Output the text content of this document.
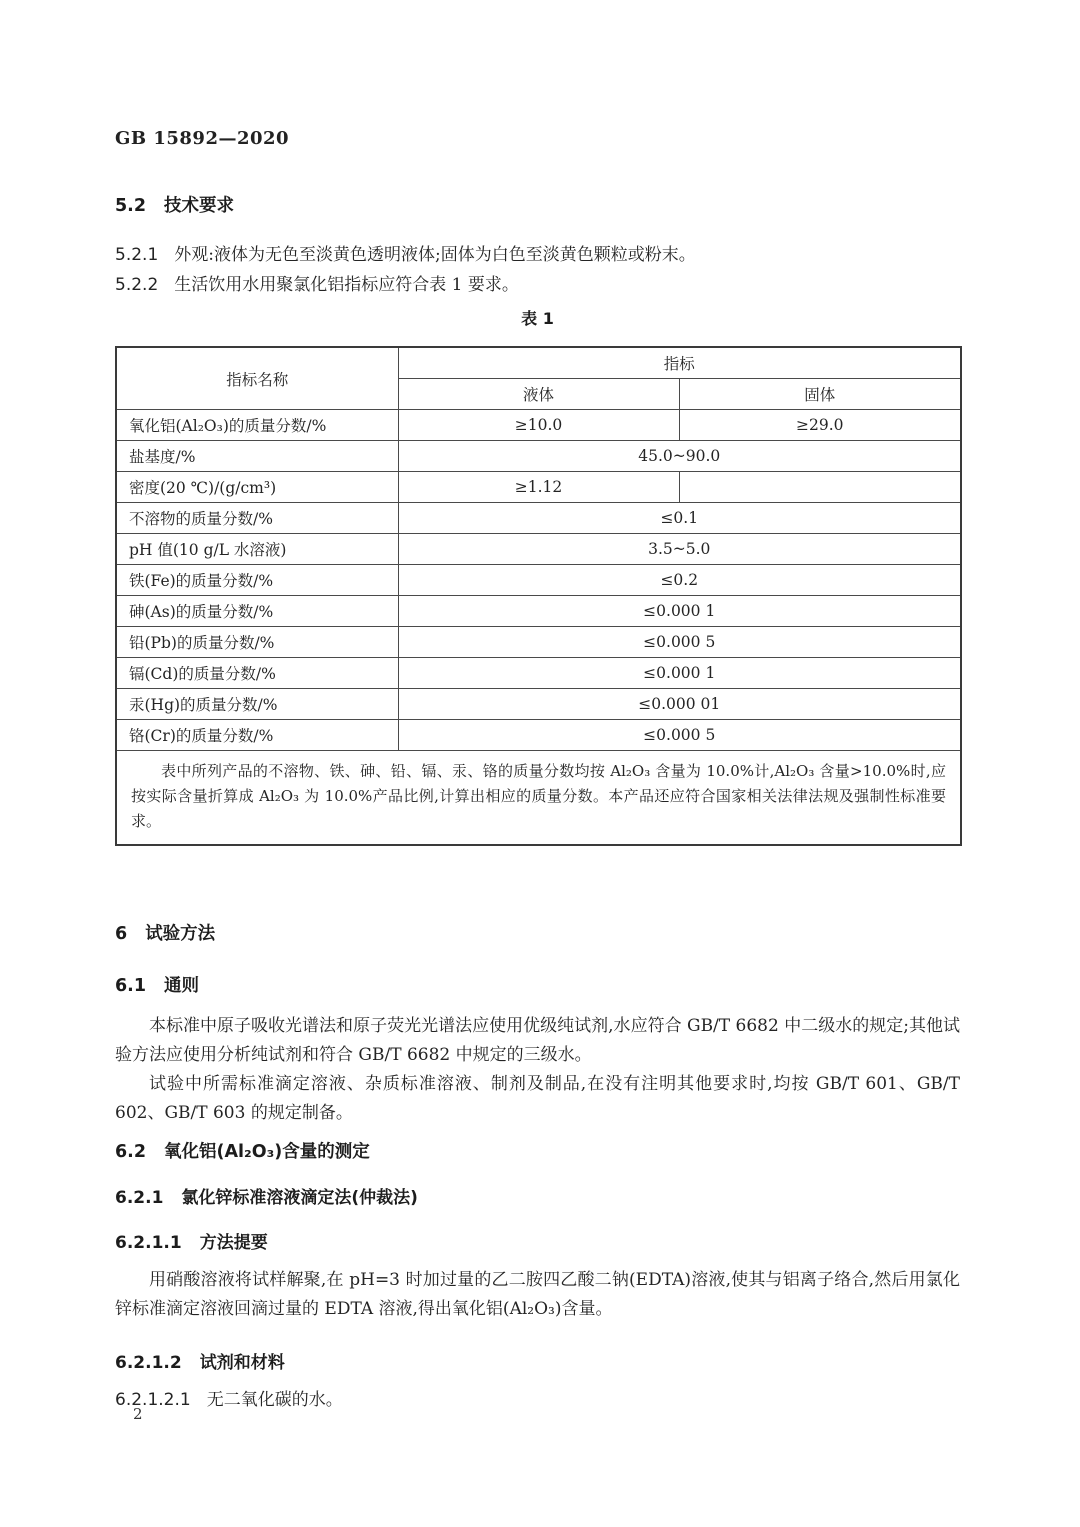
GB 15892—2020
5.2 技术要求
5.2.1 外观:液体为无色至淡黄色透明液体;固体为白色至淡黄色颗粒或粉末。
5.2.2 生活饮用水用聚氯化铝指标应符合表 1 要求。
表 1
指标名称	指标	
	液体	固体
氧化铝(Al₂O₃)的质量分数/%	≥10.0	≥29.0
盐基度/%	45.0~90.0	
密度(20 ℃)/(g/cm³)	≥1.12	
不溶物的质量分数/%	≤0.1	
pH 值(10 g/L 水溶液)	3.5~5.0	
铁(Fe)的质量分数/%	≤0.2	
砷(As)的质量分数/%	≤0.000 1	
铅(Pb)的质量分数/%	≤0.000 5	
镉(Cd)的质量分数/%	≤0.000 1	
汞(Hg)的质量分数/%	≤0.000 01	
铬(Cr)的质量分数/%	≤0.000 5	
表中所列产品的不溶物、铁、砷、铅、镉、汞、铬的质量分数均按 Al₂O₃ 含量为 10.0%计,Al₂O₃ 含量>10.0%时,应按实际含量折算成 Al₂O₃ 为 10.0%产品比例,计算出相应的质量分数。本产品还应符合国家相关法律法规及强制性标准要求。		
6 试验方法
6.1 通则
本标准中原子吸收光谱法和原子荧光光谱法应使用优级纯试剂,水应符合 GB/T 6682 中二级水的规定;其他试验方法应使用分析纯试剂和符合 GB/T 6682 中规定的三级水。
试验中所需标准滴定溶液、杂质标准溶液、制剂及制品,在没有注明其他要求时,均按 GB/T 601、GB/T 602、GB/T 603 的规定制备。
6.2 氧化铝(Al₂O₃)含量的测定
6.2.1 氯化锌标准溶液滴定法(仲裁法)
6.2.1.1 方法提要
用硝酸溶液将试样解聚,在 pH=3 时加过量的乙二胺四乙酸二钠(EDTA)溶液,使其与铝离子络合,然后用氯化锌标准滴定溶液回滴过量的 EDTA 溶液,得出氧化铝(Al₂O₃)含量。
6.2.1.2 试剂和材料
6.2.1.2.1 无二氧化碳的水。
2
